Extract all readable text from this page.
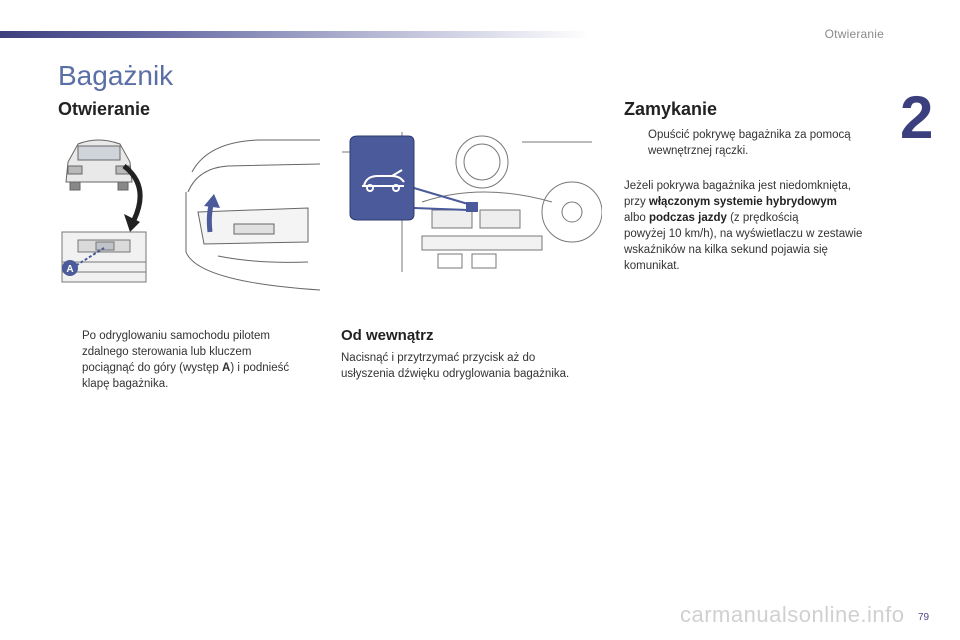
Otwieranie
2
Bagażnik
Otwieranie
A
Po odryglowaniu samochodu pilotem
zdalnego sterowania lub kluczem
pociągnąć do góry (występ A) i podnieść
klapę bagażnika.
Od wewnątrz
Nacisnąć i przytrzymać przycisk aż do
usłyszenia dźwięku odryglowania bagażnika.
Zamykanie
Opuścić pokrywę bagażnika za pomocą
wewnętrznej rączki.
Jeżeli pokrywa bagażnika jest niedomknięta,
przy włączonym systemie hybrydowym
albo podczas jazdy (z prędkością
powyżej 10 km/h), na wyświetlaczu w zestawie
wskaźników na kilka sekund pojawia się
komunikat.
carmanualsonline.info 79
